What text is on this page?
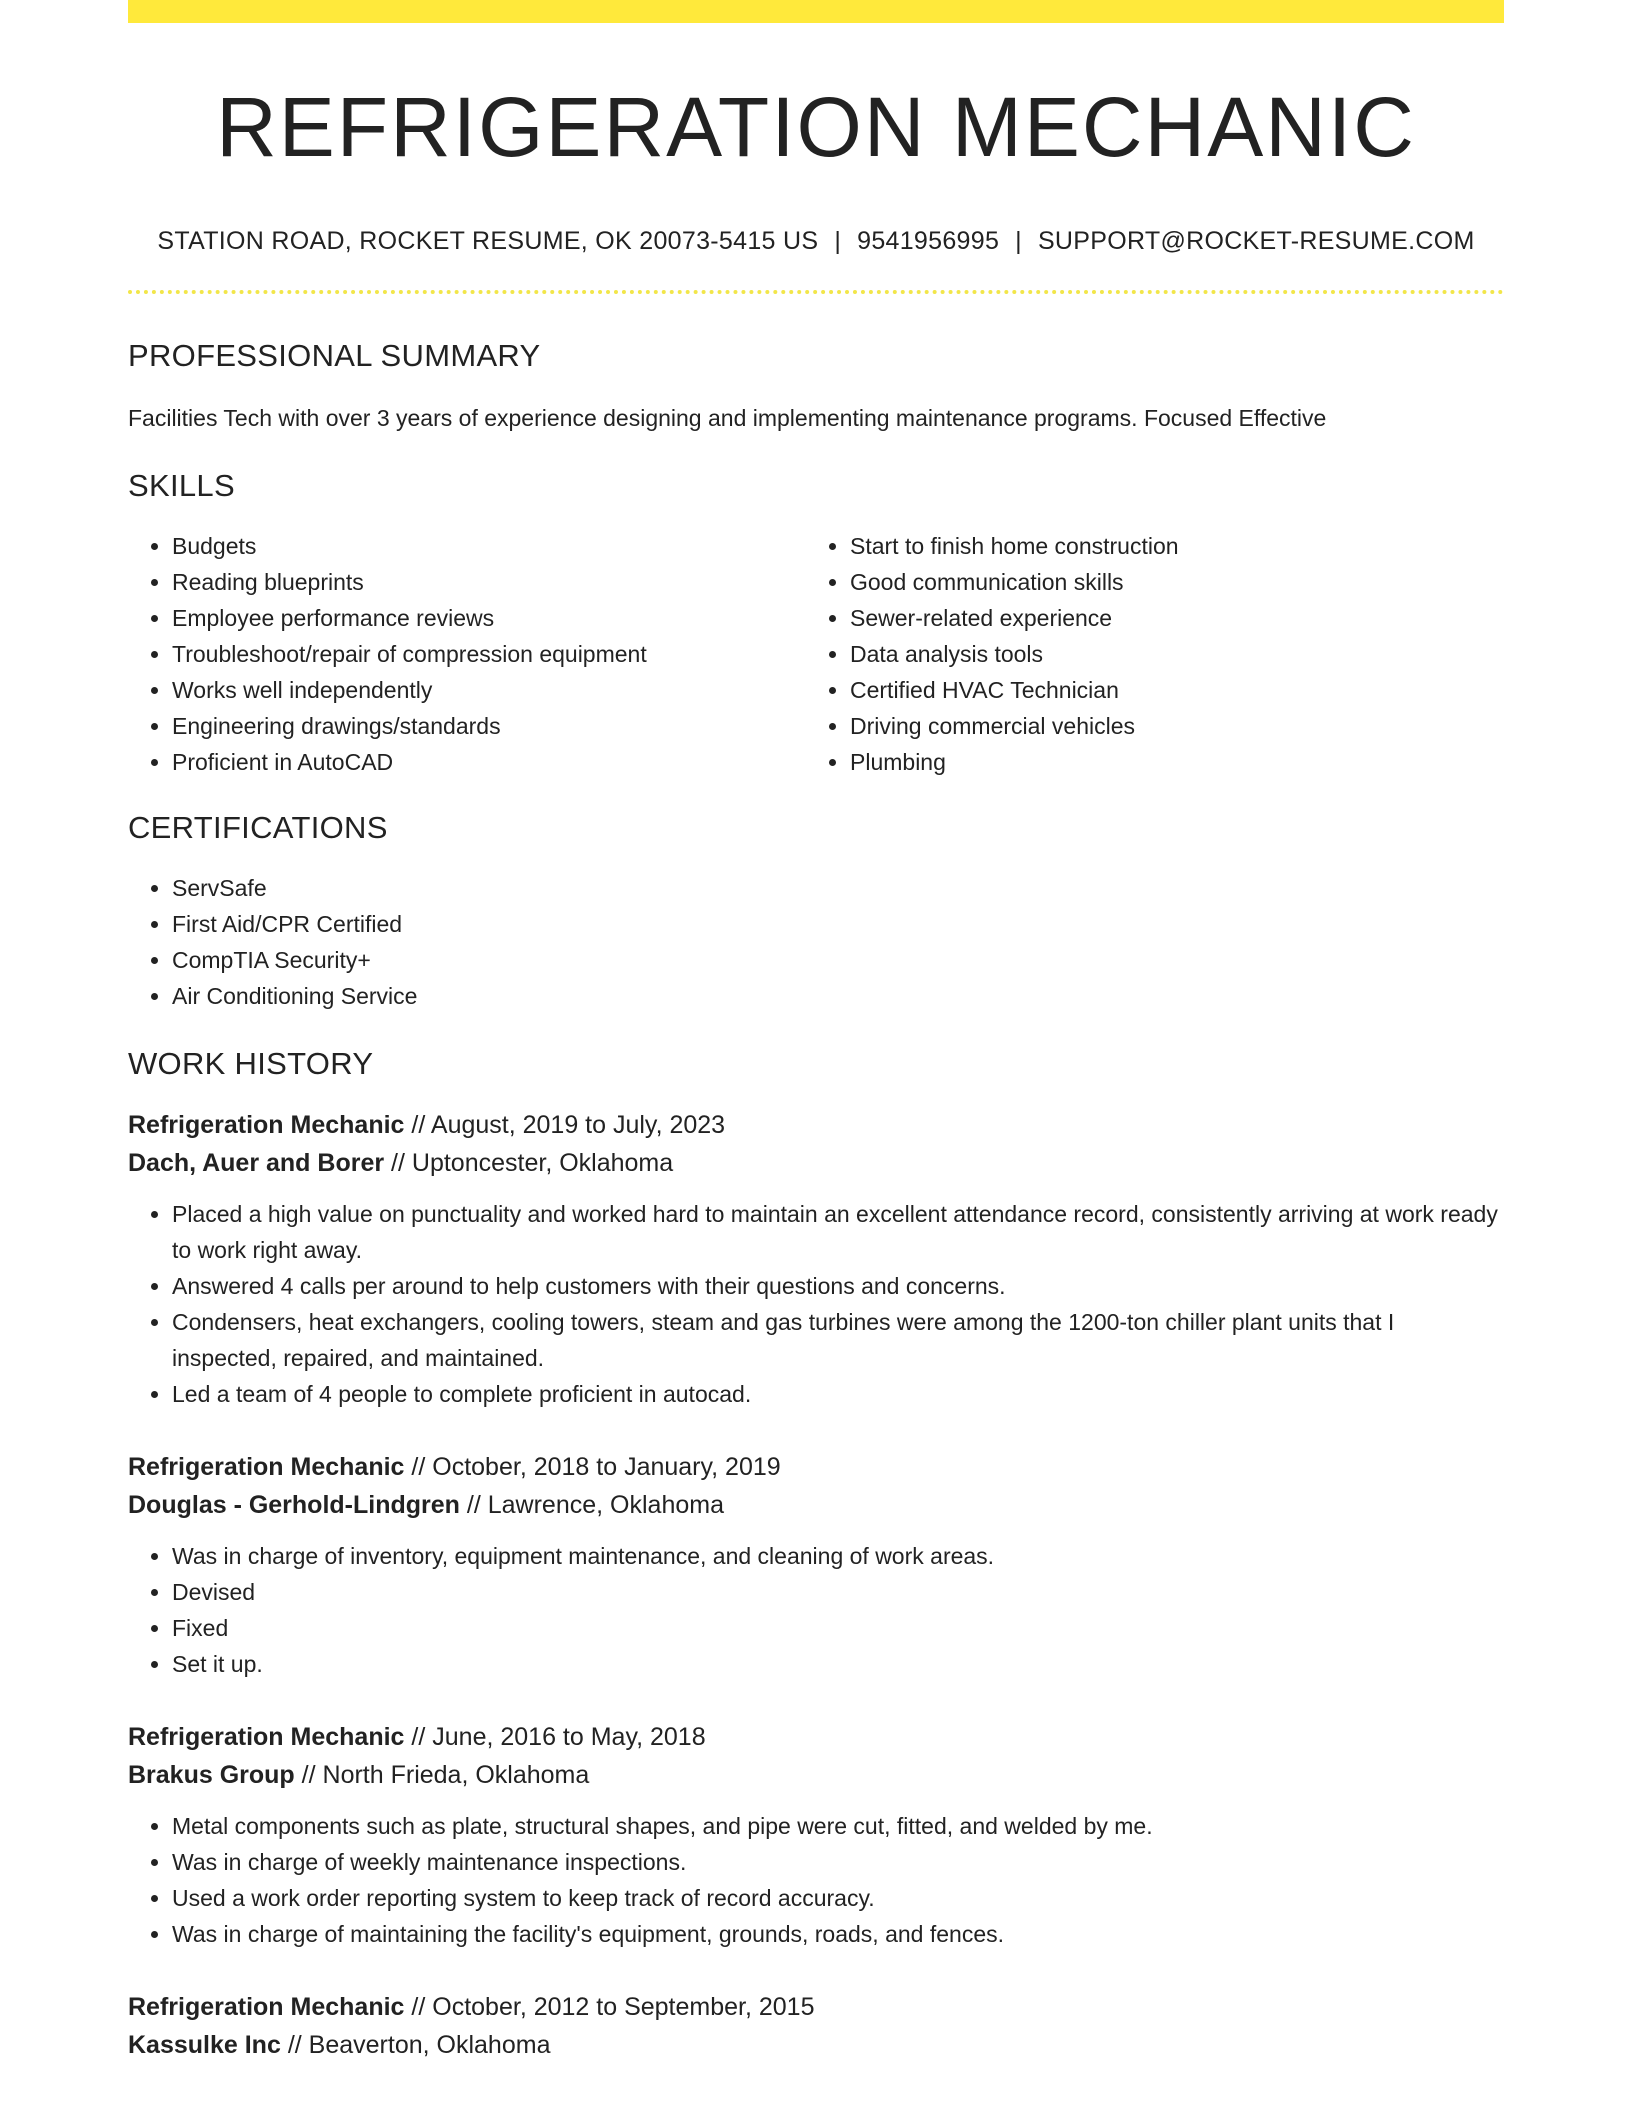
REFRIGERATION MECHANIC
STATION ROAD, ROCKET RESUME, OK 20073-5415 US | 9541956995 | SUPPORT@ROCKET-RESUME.COM
PROFESSIONAL SUMMARY

Facilities Tech with over 3 years of experience designing and implementing maintenance programs. Focused Effective

SKILLS
• Budgets
• Reading blueprints
• Employee performance reviews
• Troubleshoot/repair of compression equipment
• Works well independently
• Engineering drawings/standards
• Proficient in AutoCAD
• Start to finish home construction
• Good communication skills
• Sewer-related experience
• Data analysis tools
• Certified HVAC Technician
• Driving commercial vehicles
• Plumbing
CERTIFICATIONS
• ServSafe
• First Aid/CPR Certified
• CompTIA Security+
• Air Conditioning Service
WORK HISTORY
Refrigeration Mechanic // August, 2019 to July, 2023
Dach, Auer and Borer // Uptoncester, Oklahoma
• Placed a high value on punctuality and worked hard to maintain an excellent attendance record, consistently arriving at work ready to work right away.
• Answered 4 calls per around to help customers with their questions and concerns.
• Condensers, heat exchangers, cooling towers, steam and gas turbines were among the 1200-ton chiller plant units that I inspected, repaired, and maintained.
• Led a team of 4 people to complete proficient in autocad.
Refrigeration Mechanic // October, 2018 to January, 2019
Douglas - Gerhold-Lindgren // Lawrence, Oklahoma
• Was in charge of inventory, equipment maintenance, and cleaning of work areas.
• Devised
• Fixed
• Set it up.
Refrigeration Mechanic // June, 2016 to May, 2018
Brakus Group // North Frieda, Oklahoma
• Metal components such as plate, structural shapes, and pipe were cut, fitted, and welded by me.
• Was in charge of weekly maintenance inspections.
• Used a work order reporting system to keep track of record accuracy.
• Was in charge of maintaining the facility's equipment, grounds, roads, and fences.
Refrigeration Mechanic // October, 2012 to September, 2015
Kassulke Inc // Beaverton, Oklahoma
